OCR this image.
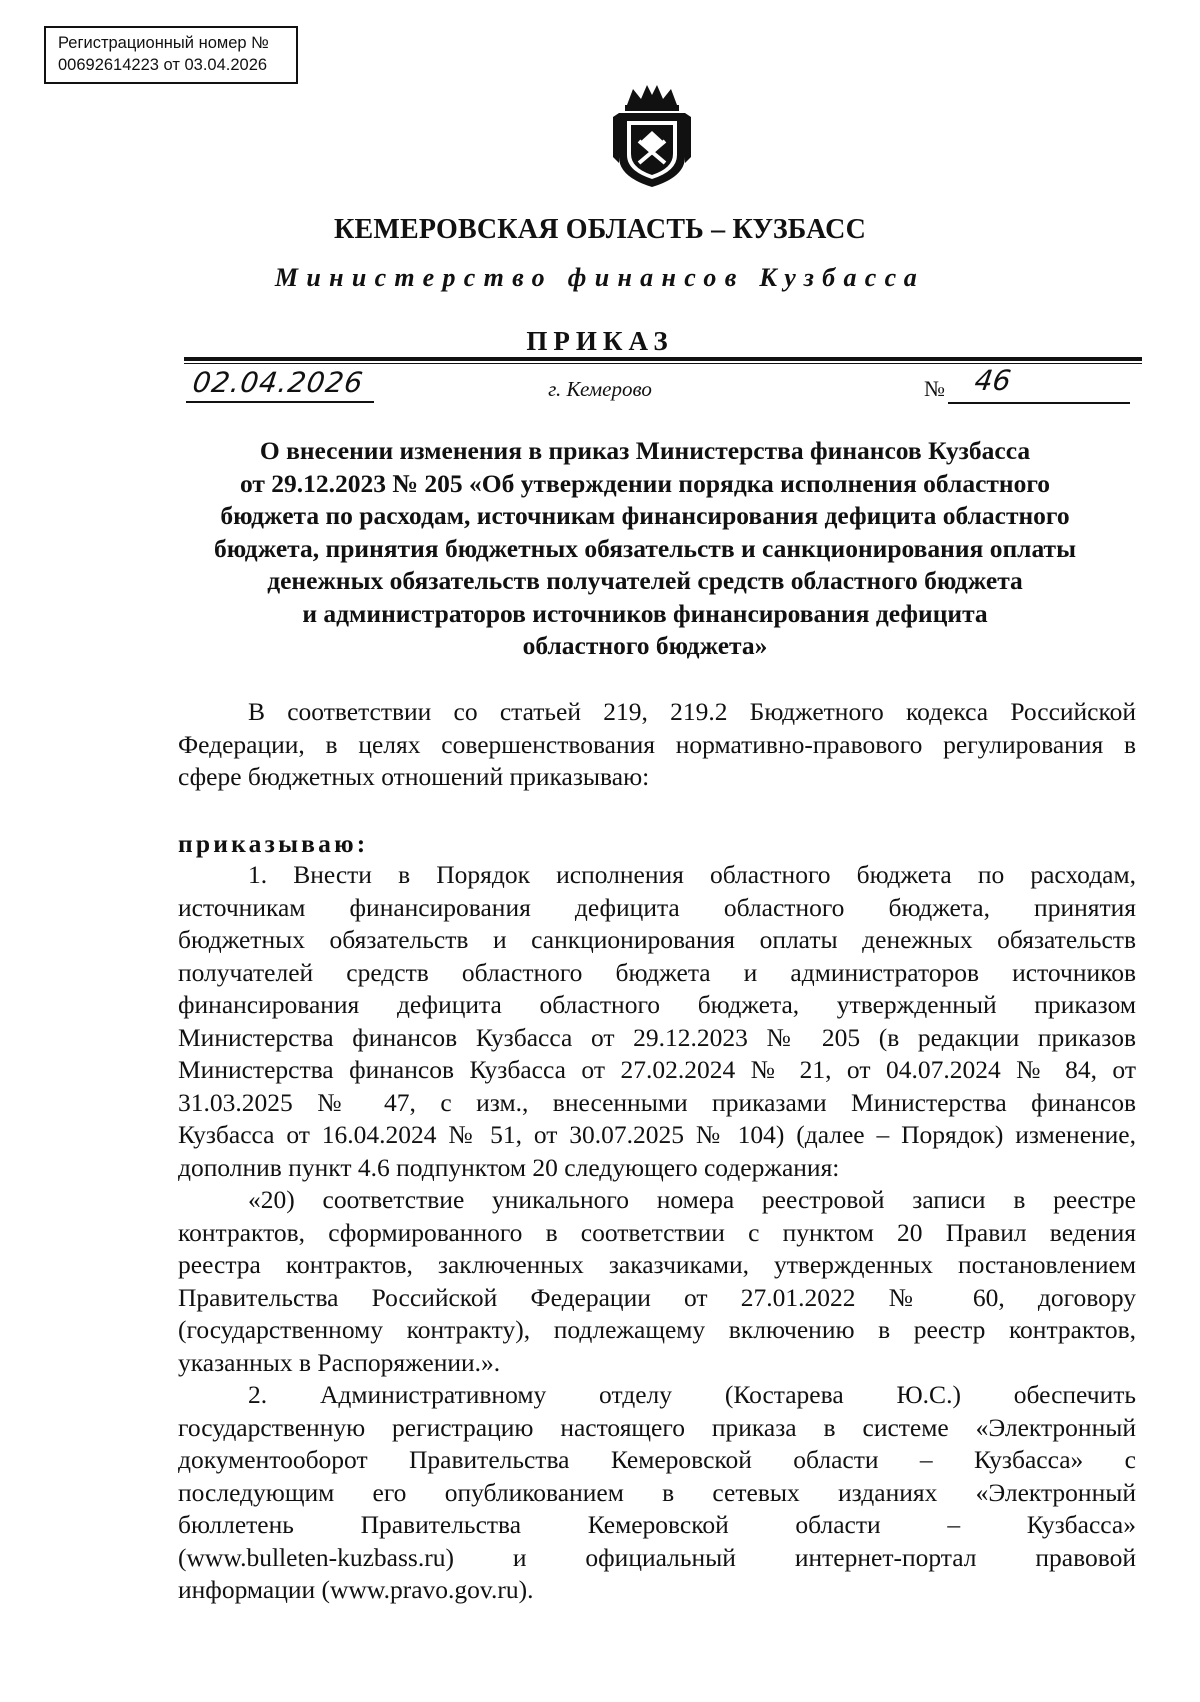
Регистрационный номер №
00692614223 от 03.04.2026
КЕМЕРОВСКАЯ ОБЛАСТЬ – КУЗБАСС
Министерство финансов Кузбасса
ПРИКАЗ
02.04.2026	г. Кемерово	№ 46
О внесении изменения в приказ Министерства финансов Кузбасса
от 29.12.2023 № 205 «Об утверждении порядка исполнения областного
бюджета по расходам, источникам финансирования дефицита областного
бюджета, принятия бюджетных обязательств и санкционирования оплаты
денежных обязательств получателей средств областного бюджета
и администраторов источников финансирования дефицита
областного бюджета»
В соответствии со статьей 219, 219.2 Бюджетного кодекса Российской
Федерации, в целях совершенствования нормативно-правового регулирования в
сфере бюджетных отношений приказываю:
приказываю:
1. Внести в Порядок исполнения областного бюджета по расходам,
источникам финансирования дефицита областного бюджета, принятия
бюджетных обязательств и санкционирования оплаты денежных обязательств
получателей средств областного бюджета и администраторов источников
финансирования дефицита областного бюджета, утвержденный приказом
Министерства финансов Кузбасса от 29.12.2023 № 205 (в редакции приказов
Министерства финансов Кузбасса от 27.02.2024 № 21, от 04.07.2024 № 84, от
31.03.2025 № 47, с изм., внесенными приказами Министерства финансов
Кузбасса от 16.04.2024 № 51, от 30.07.2025 № 104) (далее – Порядок) изменение,
дополнив пункт 4.6 подпунктом 20 следующего содержания:
«20) соответствие уникального номера реестровой записи в реестре
контрактов, сформированного в соответствии с пунктом 20 Правил ведения
реестра контрактов, заключенных заказчиками, утвержденных постановлением
Правительства Российской Федерации от 27.01.2022 № 60, договору
(государственному контракту), подлежащему включению в реестр контрактов,
указанных в Распоряжении.».
2. Административному отделу (Костарева Ю.С.) обеспечить
государственную регистрацию настоящего приказа в системе «Электронный
документооборот Правительства Кемеровской области – Кузбасса» с
последующим его опубликованием в сетевых изданиях «Электронный
бюллетень Правительства Кемеровской области – Кузбасса»
(www.bulleten-kuzbass.ru) и официальный интернет-портал правовой
информации (www.pravo.gov.ru).
